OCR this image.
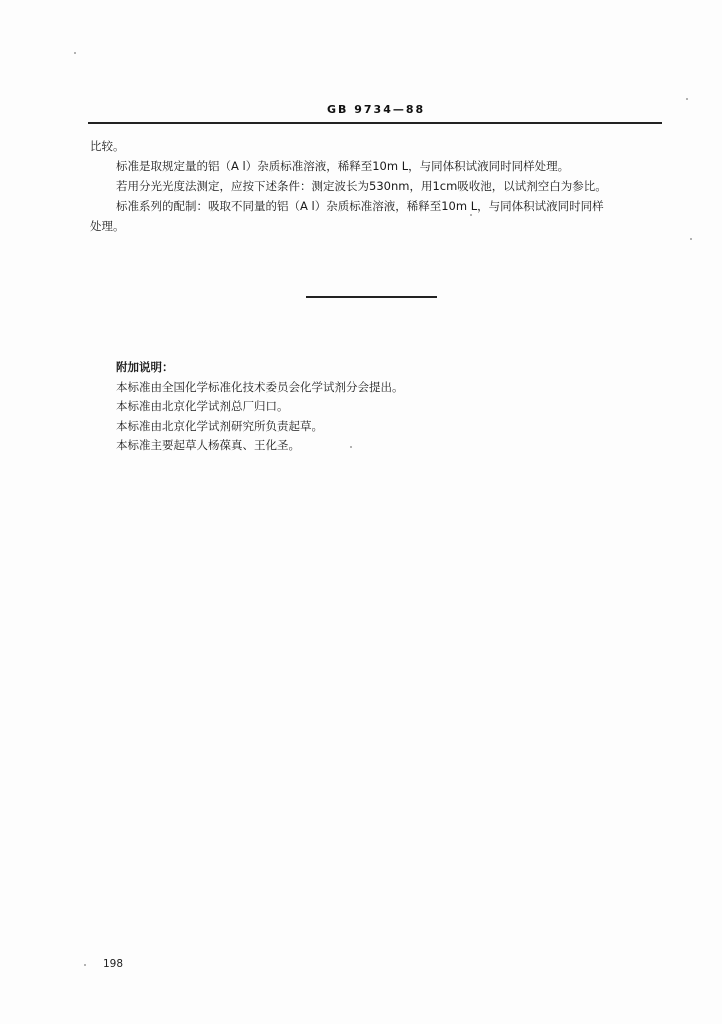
GB 9734—88

比较。

标准是取规定量的铝（A l）杂质标准溶液，稀释至10m L，与同体积试液同时同样处理。

若用分光光度法测定，应按下述条件：测定波长为530nm，用1cm吸收池，以试剂空白为参比。

标准系列的配制：吸取不同量的铝（A l）杂质标准溶液，稀释至10m L，与同体积试液同时同样

处理。

附加说明：

本标准由全国化学标准化技术委员会化学试剂分会提出。

本标准由北京化学试剂总厂归口。

本标准由北京化学试剂研究所负责起草。

本标准主要起草人杨葆真、王化圣。

198
